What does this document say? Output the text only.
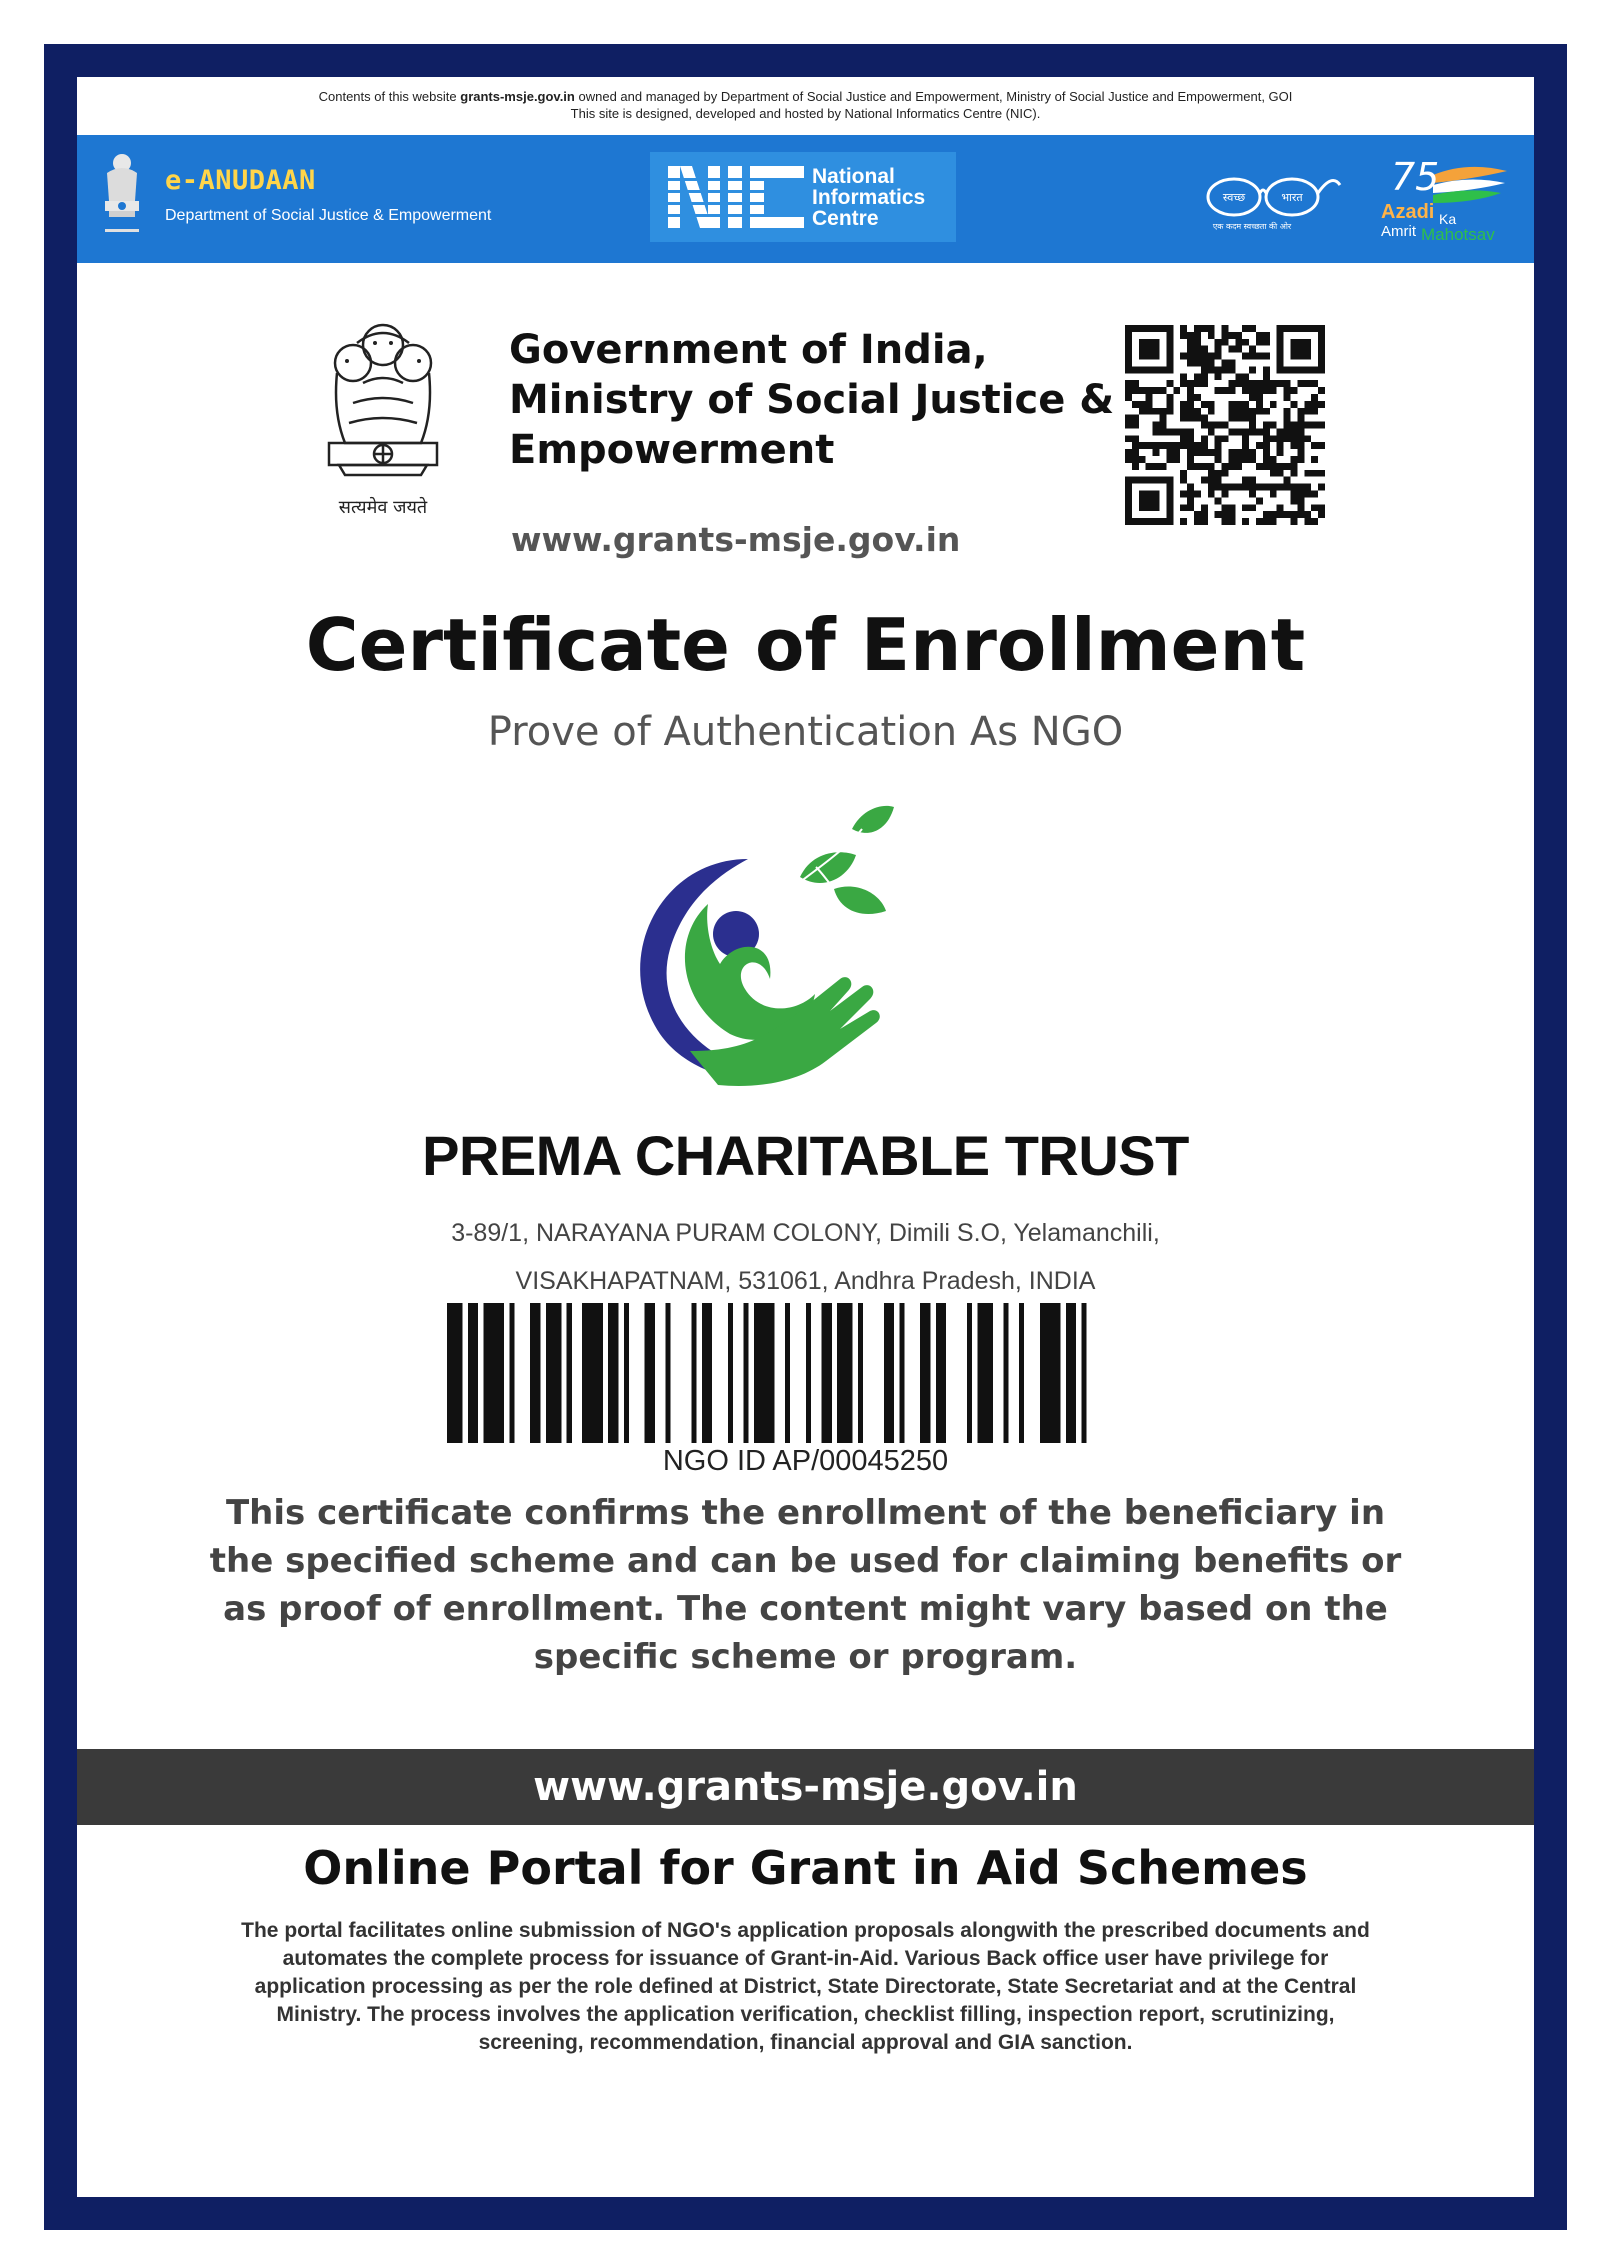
Contents of this website grants-msje.gov.in owned and managed by Department of Social Justice and Empowerment, Ministry of Social Justice and Empowerment, GOI
This site is designed, developed and hosted by National Informatics Centre (NIC).
e-ANUDAAN
Department of Social Justice & Empowerment
National
Informatics
Centre
स्वच्छ	भारत
एक कदम स्वच्छता की ओर
75
Azadi Ka
Amrit Mahotsav
सत्यमेव जयते
Government of India,
Ministry of Social Justice &
Empowerment
www.grants-msje.gov.in
Certificate of Enrollment
Prove of Authentication As NGO
PREMA CHARITABLE TRUST
3-89/1, NARAYANA PURAM COLONY, Dimili S.O, Yelamanchili,
VISAKHAPATNAM, 531061, Andhra Pradesh, INDIA
NGO ID AP/00045250
This certificate confirms the enrollment of the beneficiary in the specified scheme and can be used for claiming benefits or as proof of enrollment. The content might vary based on the specific scheme or program.
www.grants-msje.gov.in
Online Portal for Grant in Aid Schemes
The portal facilitates online submission of NGO's application proposals alongwith the prescribed documents and automates the complete process for issuance of Grant-in-Aid. Various Back office user have privilege for application processing as per the role defined at District, State Directorate, State Secretariat and at the Central Ministry. The process involves the application verification, checklist filling, inspection report, scrutinizing, screening, recommendation, financial approval and GIA sanction.
